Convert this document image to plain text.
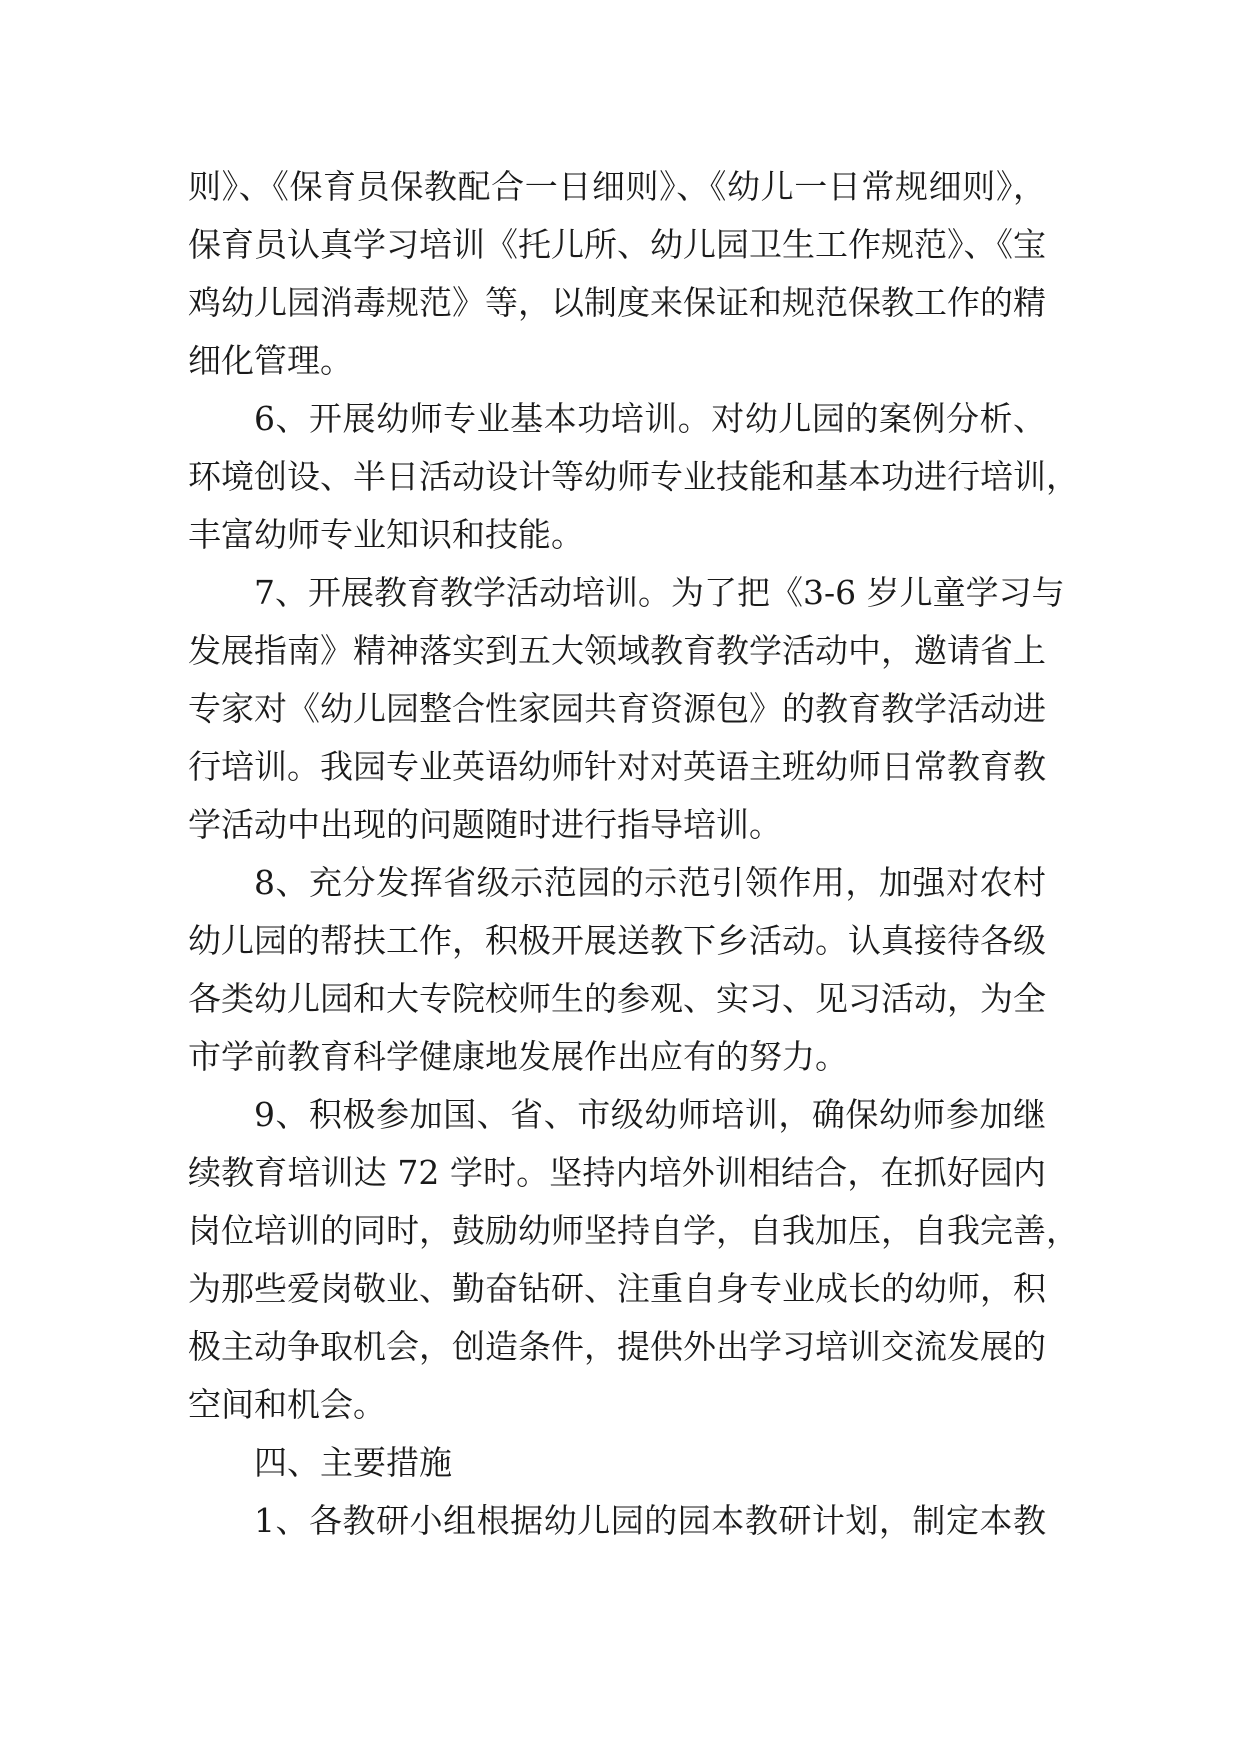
则》、《保育员保教配合一日细则》、《幼儿一日常规细则》，
保育员认真学习培训《托儿所、幼儿园卫生工作规范》、《宝
鸡幼儿园消毒规范》等，以制度来保证和规范保教工作的精
细化管理。
6、开展幼师专业基本功培训。对幼儿园的案例分析、
环境创设、半日活动设计等幼师专业技能和基本功进行培训，
丰富幼师专业知识和技能。
7、开展教育教学活动培训。为了把《3-6 岁儿童学习与
发展指南》精神落实到五大领域教育教学活动中，邀请省上
专家对《幼儿园整合性家园共育资源包》的教育教学活动进
行培训。我园专业英语幼师针对对英语主班幼师日常教育教
学活动中出现的问题随时进行指导培训。
8、充分发挥省级示范园的示范引领作用，加强对农村
幼儿园的帮扶工作，积极开展送教下乡活动。认真接待各级
各类幼儿园和大专院校师生的参观、实习、见习活动，为全
市学前教育科学健康地发展作出应有的努力。
9、积极参加国、省、市级幼师培训，确保幼师参加继
续教育培训达 72 学时。坚持内培外训相结合，在抓好园内
岗位培训的同时，鼓励幼师坚持自学，自我加压，自我完善，
为那些爱岗敬业、勤奋钻研、注重自身专业成长的幼师，积
极主动争取机会，创造条件，提供外出学习培训交流发展的
空间和机会。
四、主要措施
1、各教研小组根据幼儿园的园本教研计划，制定本教
